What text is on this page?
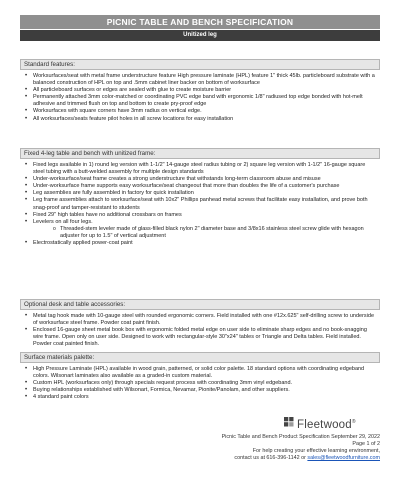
PICNIC TABLE AND BENCH SPECIFICATION
Unitized leg
Standard features:
• Worksurfaces/seat with metal frame understructure feature High pressure laminate (HPL) feature 1" thick 45lb. particleboard substrate with a balanced construction of HPL on top and .5mm cabinet liner backer on bottom of worksurface
• All particleboard surfaces or edges are sealed with glue to create moisture barrier
• Permanently attached 3mm color-matched or coordinating PVC edge band with ergonomic 1/8" radiused top edge bonded with hot-melt adhesive and trimmed flush on top and bottom to create pry-proof edge
• Worksurfaces with square corners have 3mm radius on vertical edge.
• All worksurfaces/seats feature pilot holes in all screw locations for easy installation
Fixed 4-leg table and bench with unitized frame:
• Fixed legs available in 1) round leg version with 1-1/2" 14-gauge steel radius tubing or 2) square leg version with 1-1/2" 16-gauge square steel tubing with a butt-welded assembly for multiple design standards
• Under-worksurface/seat frame creates a strong understructure that withstands long-term classroom abuse and misuse
• Under-worksurface frame supports easy worksurface/seat changeout that more than doubles the life of a customer's purchase
• Leg assemblies are fully assembled in factory for quick installation
• Leg frame assemblies attach to worksurface/seat with 10x2" Phillips panhead metal screws that facilitate easy installation, and prove both snag-proof and tamper-resistant to students
• Fixed 29" high tables have no additional crossbars on frames
• Levelers on all four legs.
o Threaded-stem leveler made of glass-filled black nylon 2" diameter base and 3/8x16 stainless steel screw glide with hexagon adjuster for up to 1.5" of vertical adjustment
• Electrostatically applied power-coat paint
Optional desk and table accessories:
• Metal tag hook made with 10-gauge steel with rounded ergonomic corners. Field installed with one #12x.625" self-drilling screw to underside of worksurface steel frame. Powder coat paint finish.
• Enclosed 16-gauge sheet metal book box with ergonomic folded metal edge on user side to eliminate sharp edges and no book-snagging wire frame. Open only on user side. Designed to work with rectangular-style 30"x24" tables or Triangle and Delta tables. Field installed. Powder coat painted finish.
Surface materials palette:
• High Pressure Laminate (HPL) available in wood grain, patterned, or solid color palette. 18 standard options with coordinating edgeband colors. Wilsonart laminates also available as a graded-in custom material.
• Custom HPL (worksurfaces only) through specials request process with coordinating 3mm vinyl edgeband.
• Buying relationships established with Wilsonart, Formica, Nevamar, Pionite/Panolam, and other suppliers.
• 4 standard paint colors
Fleetwood®
Picnic Table and Bench Product Specification September 29, 2022
Page 1 of 2
For help creating your effective learning environment,
contact us at 616-396-1142 or sales@fleetwoodfurniture.com
